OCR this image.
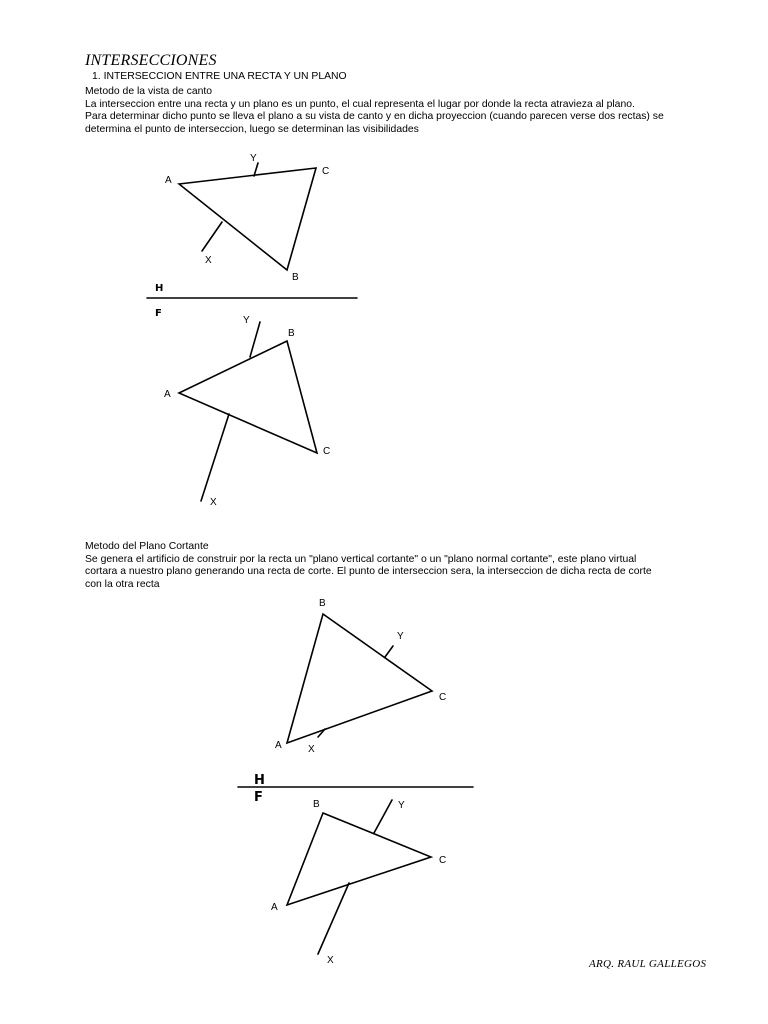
INTERSECCIONES
1. INTERSECCION ENTRE UNA RECTA Y UN PLANO
Metodo de la vista de canto
La interseccion entre una recta y un plano es un punto, el cual representa el lugar por donde la recta atravieza al plano.
Para determinar dicho punto se lleva el plano a su vista de canto y en dicha proyeccion (cuando parecen verse dos rectas) se
determina el punto de interseccion, luego se determinan las visibilidades
Metodo del Plano Cortante
Se genera el artificio de construir por la recta un "plano vertical cortante" o un "plano normal cortante", este plano virtual
cortara a nuestro plano generando una recta de corte. El punto de interseccion sera, la interseccion de dicha recta de corte
con la otra recta
A
Y
C
X
B
H
F
Y
B
A
C
X
B
Y
C
A	X
H
F	B	Y
C
A
X	ARQ. RAUL GALLEGOS
